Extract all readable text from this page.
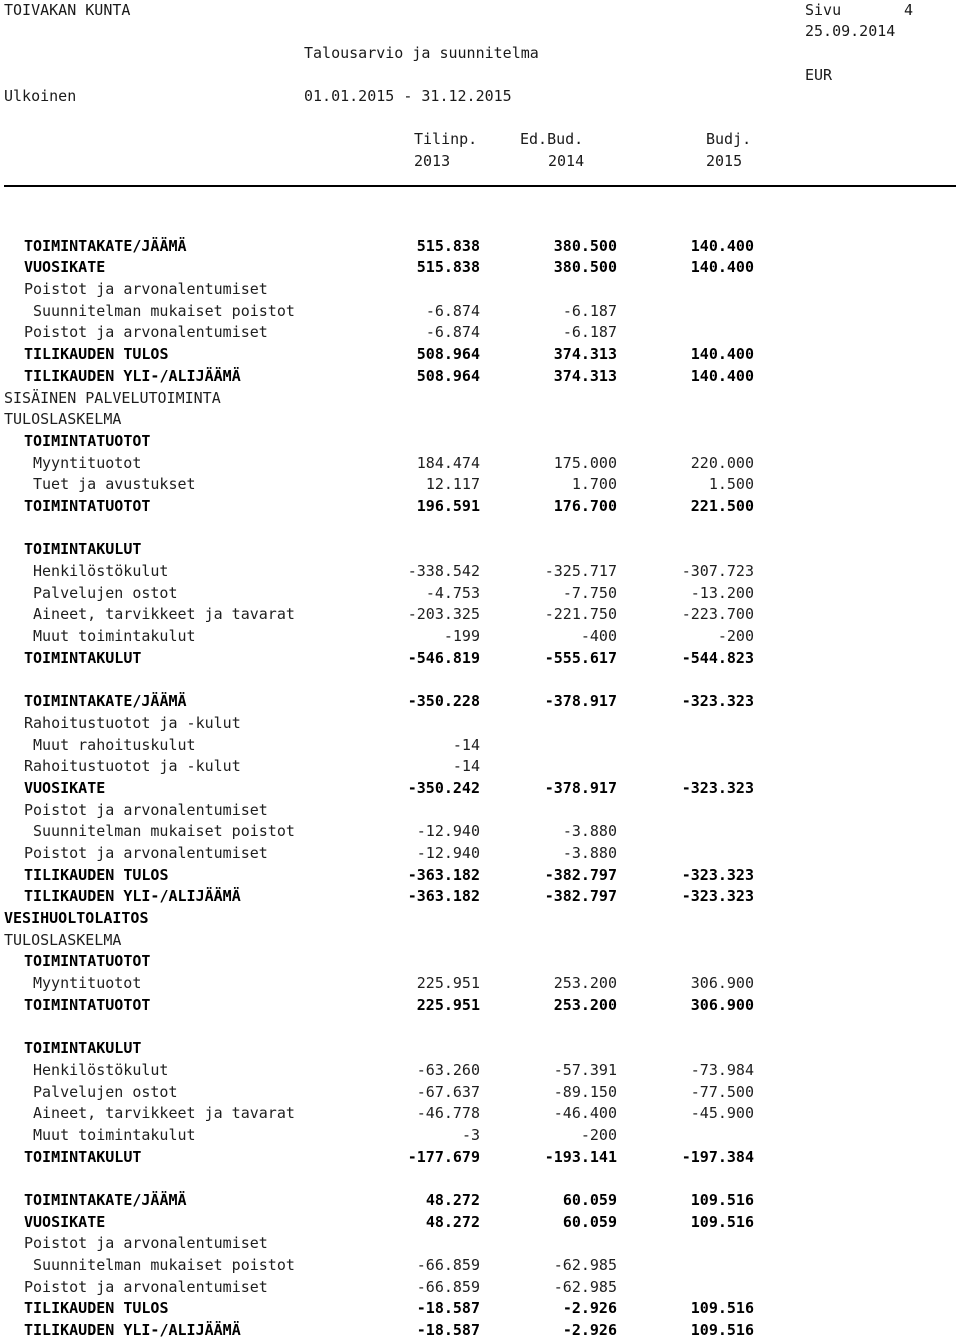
TOIVAKAN KUNTA	Sivu	4
25.09.2014
Talousarvio ja suunnitelma
EUR
Ulkoinen	01.01.2015 - 31.12.2015
Tilinp.
2013
Ed.Bud.
2014
Budj.
2015
TOIMINTAKATE/JÄÄMÄ	515.838	380.500	140.400
VUOSIKATE	515.838	380.500	140.400
Poistot ja arvonalentumiset
Suunnitelman mukaiset poistot	-6.874	-6.187
Poistot ja arvonalentumiset	-6.874	-6.187
TILIKAUDEN TULOS	508.964	374.313	140.400
TILIKAUDEN YLI-/ALIJÄÄMÄ	508.964	374.313	140.400
SISÄINEN PALVELUTOIMINTA
TULOSLASKELMA
TOIMINTATUOTOT
Myyntituotot	184.474	175.000	220.000
Tuet ja avustukset	12.117	1.700	1.500
TOIMINTATUOTOT	196.591	176.700	221.500
TOIMINTAKULUT
Henkilöstökulut	-338.542	-325.717	-307.723
Palvelujen ostot	-4.753	-7.750	-13.200
Aineet, tarvikkeet ja tavarat	-203.325	-221.750	-223.700
Muut toimintakulut	-199	-400	-200
TOIMINTAKULUT	-546.819	-555.617	-544.823
TOIMINTAKATE/JÄÄMÄ	-350.228	-378.917	-323.323
Rahoitustuotot ja -kulut
Muut rahoituskulut	-14
Rahoitustuotot ja -kulut	-14
VUOSIKATE	-350.242	-378.917	-323.323
Poistot ja arvonalentumiset
Suunnitelman mukaiset poistot	-12.940	-3.880
Poistot ja arvonalentumiset	-12.940	-3.880
TILIKAUDEN TULOS	-363.182	-382.797	-323.323
TILIKAUDEN YLI-/ALIJÄÄMÄ	-363.182	-382.797	-323.323
VESIHUOLTOLAITOS
TULOSLASKELMA
TOIMINTATUOTOT
Myyntituotot	225.951	253.200	306.900
TOIMINTATUOTOT	225.951	253.200	306.900
TOIMINTAKULUT
Henkilöstökulut	-63.260	-57.391	-73.984
Palvelujen ostot	-67.637	-89.150	-77.500
Aineet, tarvikkeet ja tavarat	-46.778	-46.400	-45.900
Muut toimintakulut	-3	-200
TOIMINTAKULUT	-177.679	-193.141	-197.384
TOIMINTAKATE/JÄÄMÄ	48.272	60.059	109.516
VUOSIKATE	48.272	60.059	109.516
Poistot ja arvonalentumiset
Suunnitelman mukaiset poistot	-66.859	-62.985
Poistot ja arvonalentumiset	-66.859	-62.985
TILIKAUDEN TULOS	-18.587	-2.926	109.516
TILIKAUDEN YLI-/ALIJÄÄMÄ	-18.587	-2.926	109.516
